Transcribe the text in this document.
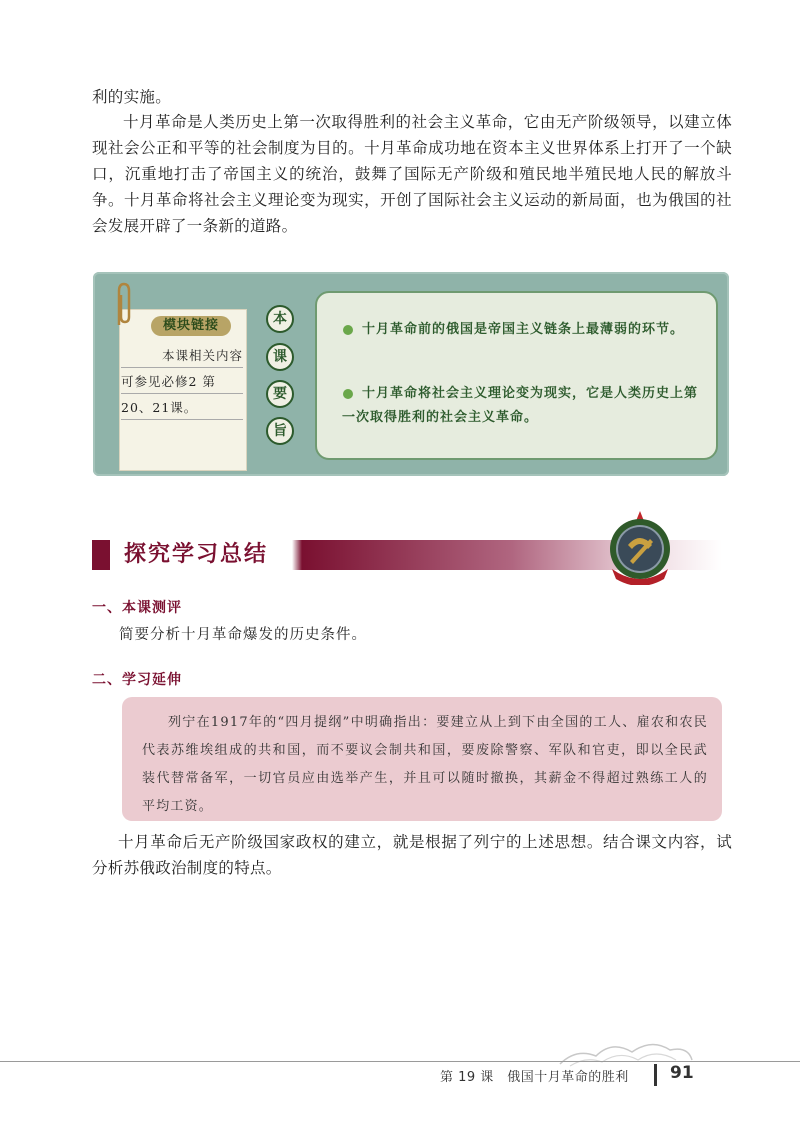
利的实施。

十月革命是人类历史上第一次取得胜利的社会主义革命，它由无产阶级领导，以建立体现社会公正和平等的社会制度为目的。十月革命成功地在资本主义世界体系上打开了一个缺口，沉重地打击了帝国主义的统治，鼓舞了国际无产阶级和殖民地半殖民地人民的解放斗争。十月革命将社会主义理论变为现实，开创了国际社会主义运动的新局面，也为俄国的社会发展开辟了一条新的道路。

模块链接
本课相关内容
可参见必修2 第
20、21课。
本
课
要
旨
十月革命前的俄国是帝国主义链条上最薄弱的环节。
十月革命将社会主义理论变为现实，它是人类历史上第一次取得胜利的社会主义革命。
探究学习总结
一、本课测评
简要分析十月革命爆发的历史条件。
二、学习延伸

列宁在1917年的“四月提纲”中明确指出：要建立从上到下由全国的工人、雇农和农民代表苏维埃组成的共和国，而不要议会制共和国，要废除警察、军队和官吏，即以全民武装代替常备军，一切官员应由选举产生，并且可以随时撤换，其薪金不得超过熟练工人的平均工资。

十月革命后无产阶级国家政权的建立，就是根据了列宁的上述思想。结合课文内容，试分析苏俄政治制度的特点。

第 19 课　俄国十月革命的胜利 91
